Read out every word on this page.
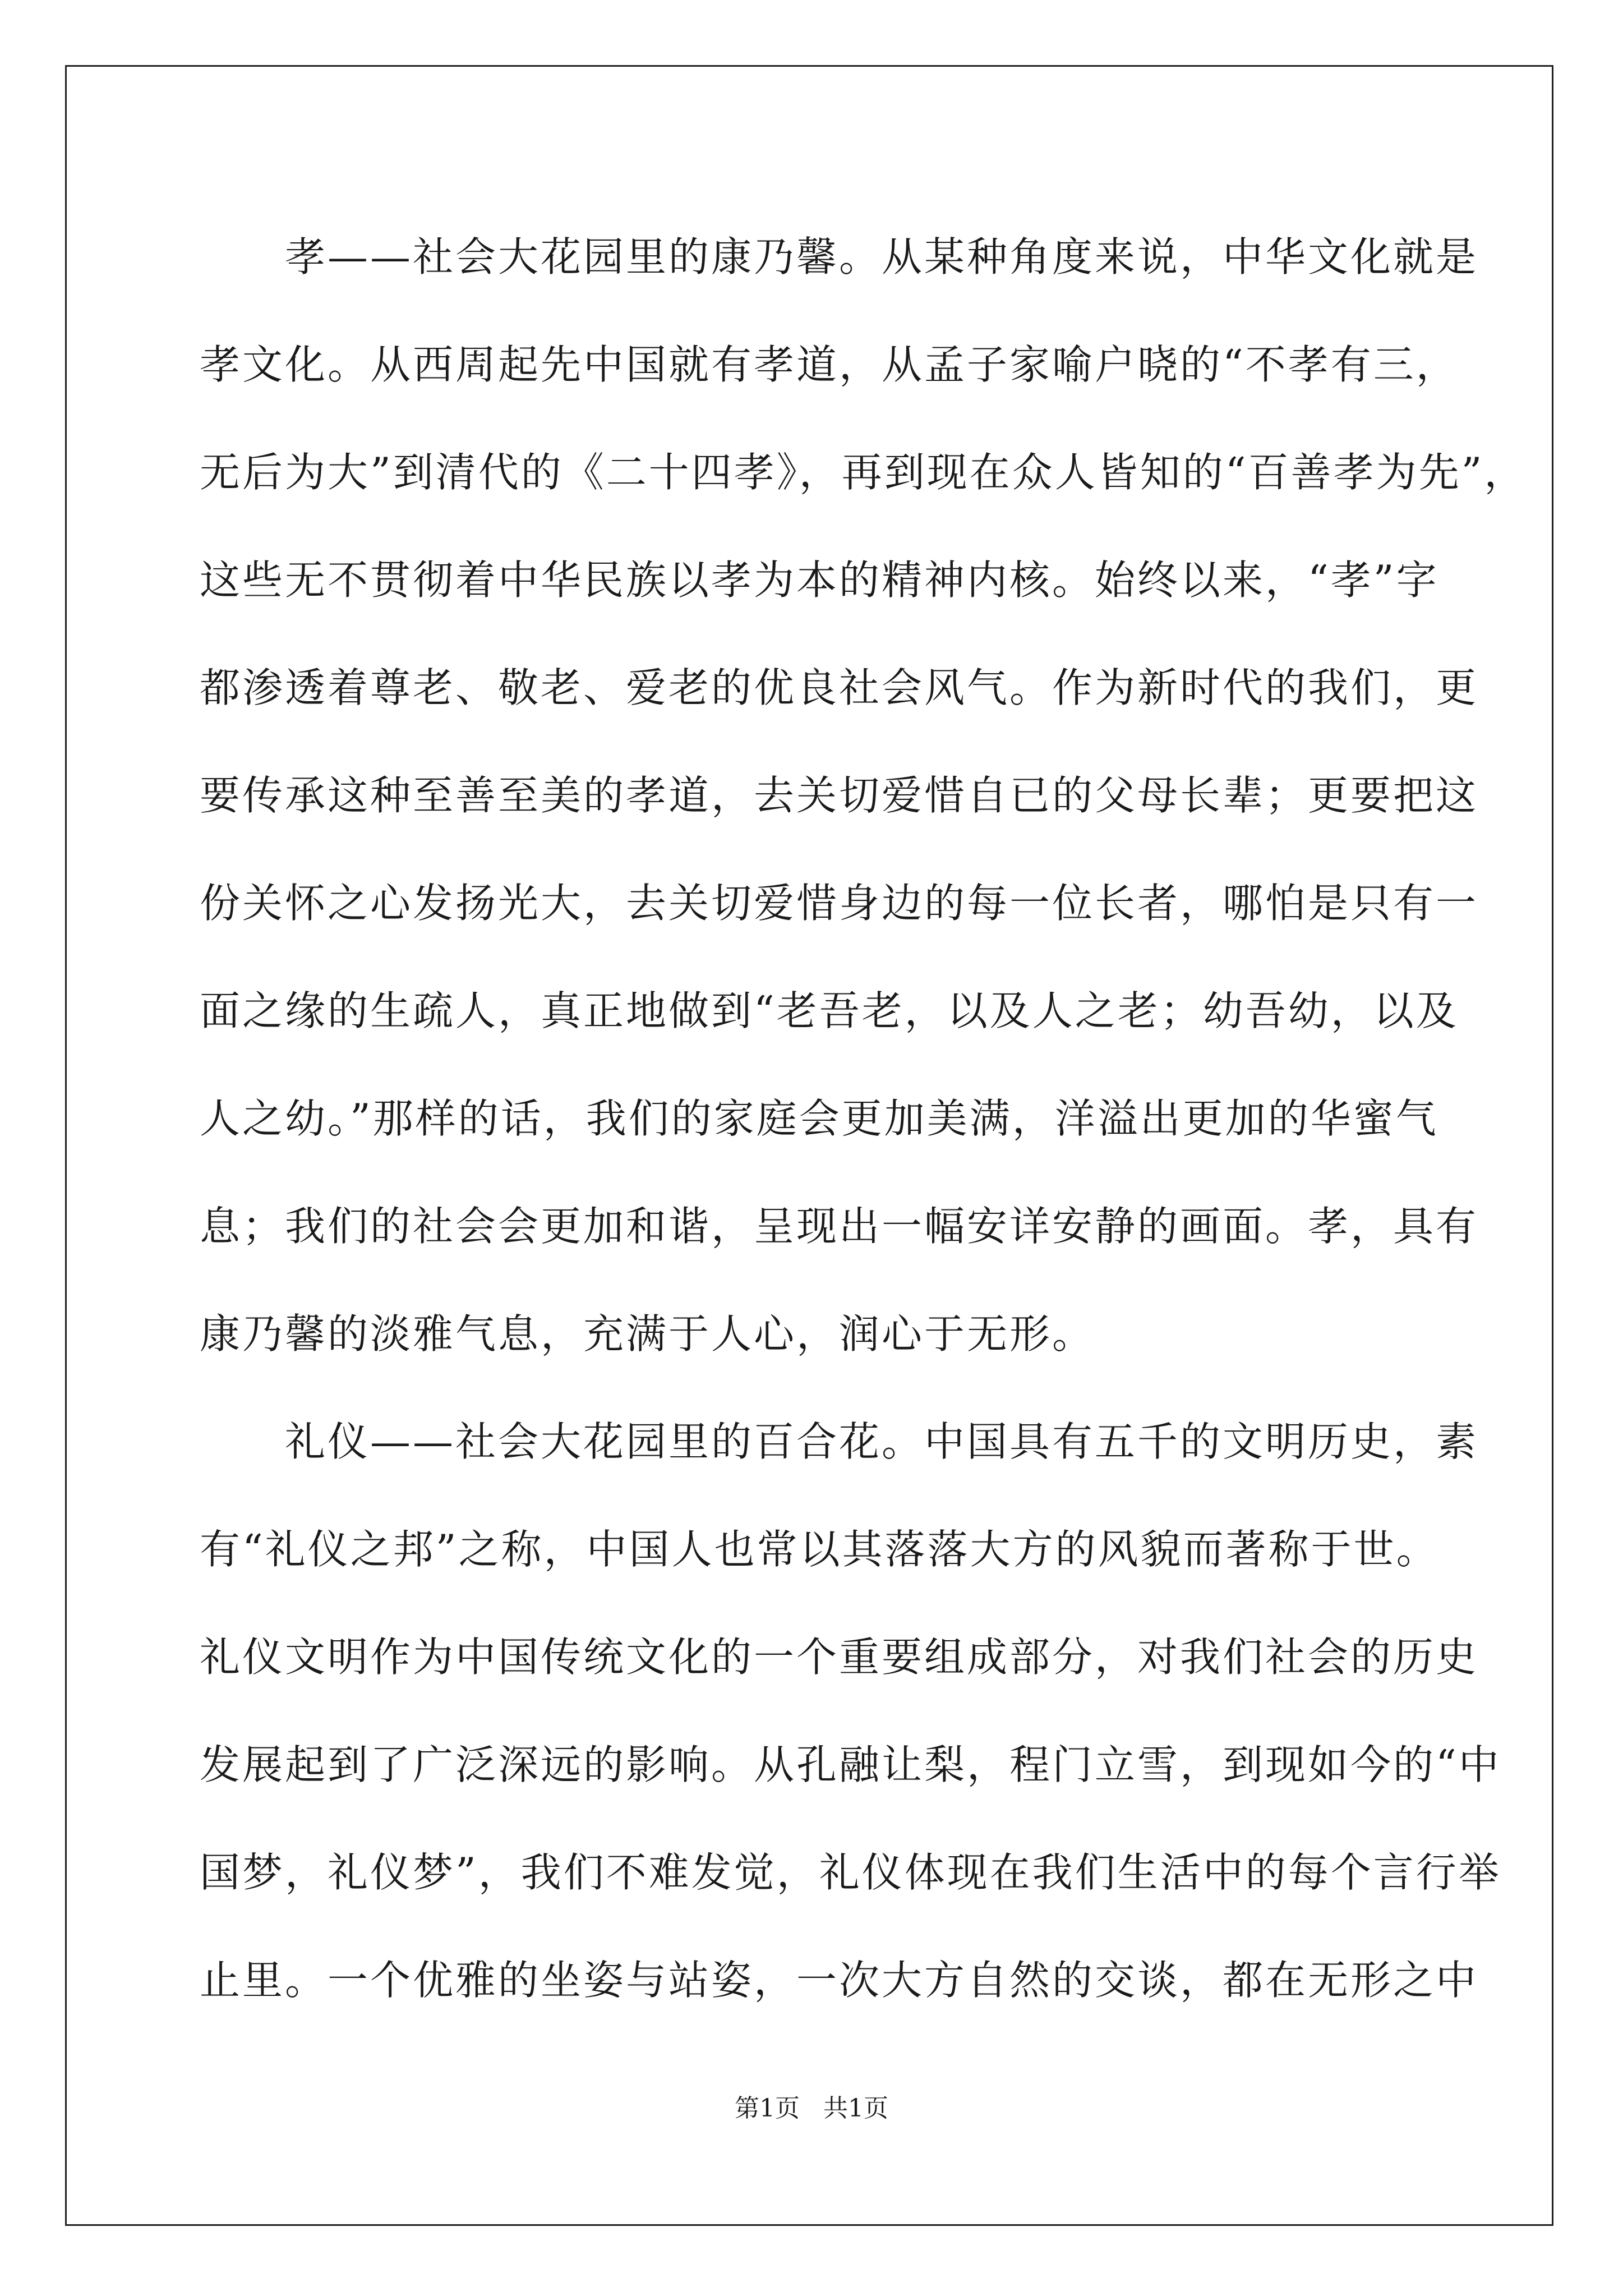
　　孝——社会大花园里的康乃馨。从某种角度来说，中华文化就是
孝文化。从西周起先中国就有孝道，从孟子家喻户晓的“不孝有三，
无后为大”到清代的《二十四孝》，再到现在众人皆知的“百善孝为先”，
这些无不贯彻着中华民族以孝为本的精神内核。始终以来，“孝”字
都渗透着尊老、敬老、爱老的优良社会风气。作为新时代的我们，更
要传承这种至善至美的孝道，去关切爱惜自已的父母长辈；更要把这
份关怀之心发扬光大，去关切爱惜身边的每一位长者，哪怕是只有一
面之缘的生疏人，真正地做到“老吾老，以及人之老；幼吾幼，以及
人之幼。”那样的话，我们的家庭会更加美满，洋溢出更加的华蜜气
息；我们的社会会更加和谐，呈现出一幅安详安静的画面。孝，具有
康乃馨的淡雅气息，充满于人心，润心于无形。
　　礼仪——社会大花园里的百合花。中国具有五千的文明历史，素
有“礼仪之邦”之称，中国人也常以其落落大方的风貌而著称于世。
礼仪文明作为中国传统文化的一个重要组成部分，对我们社会的历史
发展起到了广泛深远的影响。从孔融让梨，程门立雪，到现如今的“中
国梦，礼仪梦”，我们不难发觉，礼仪体现在我们生活中的每个言行举
止里。一个优雅的坐姿与站姿，一次大方自然的交谈，都在无形之中
第1页   共1页
